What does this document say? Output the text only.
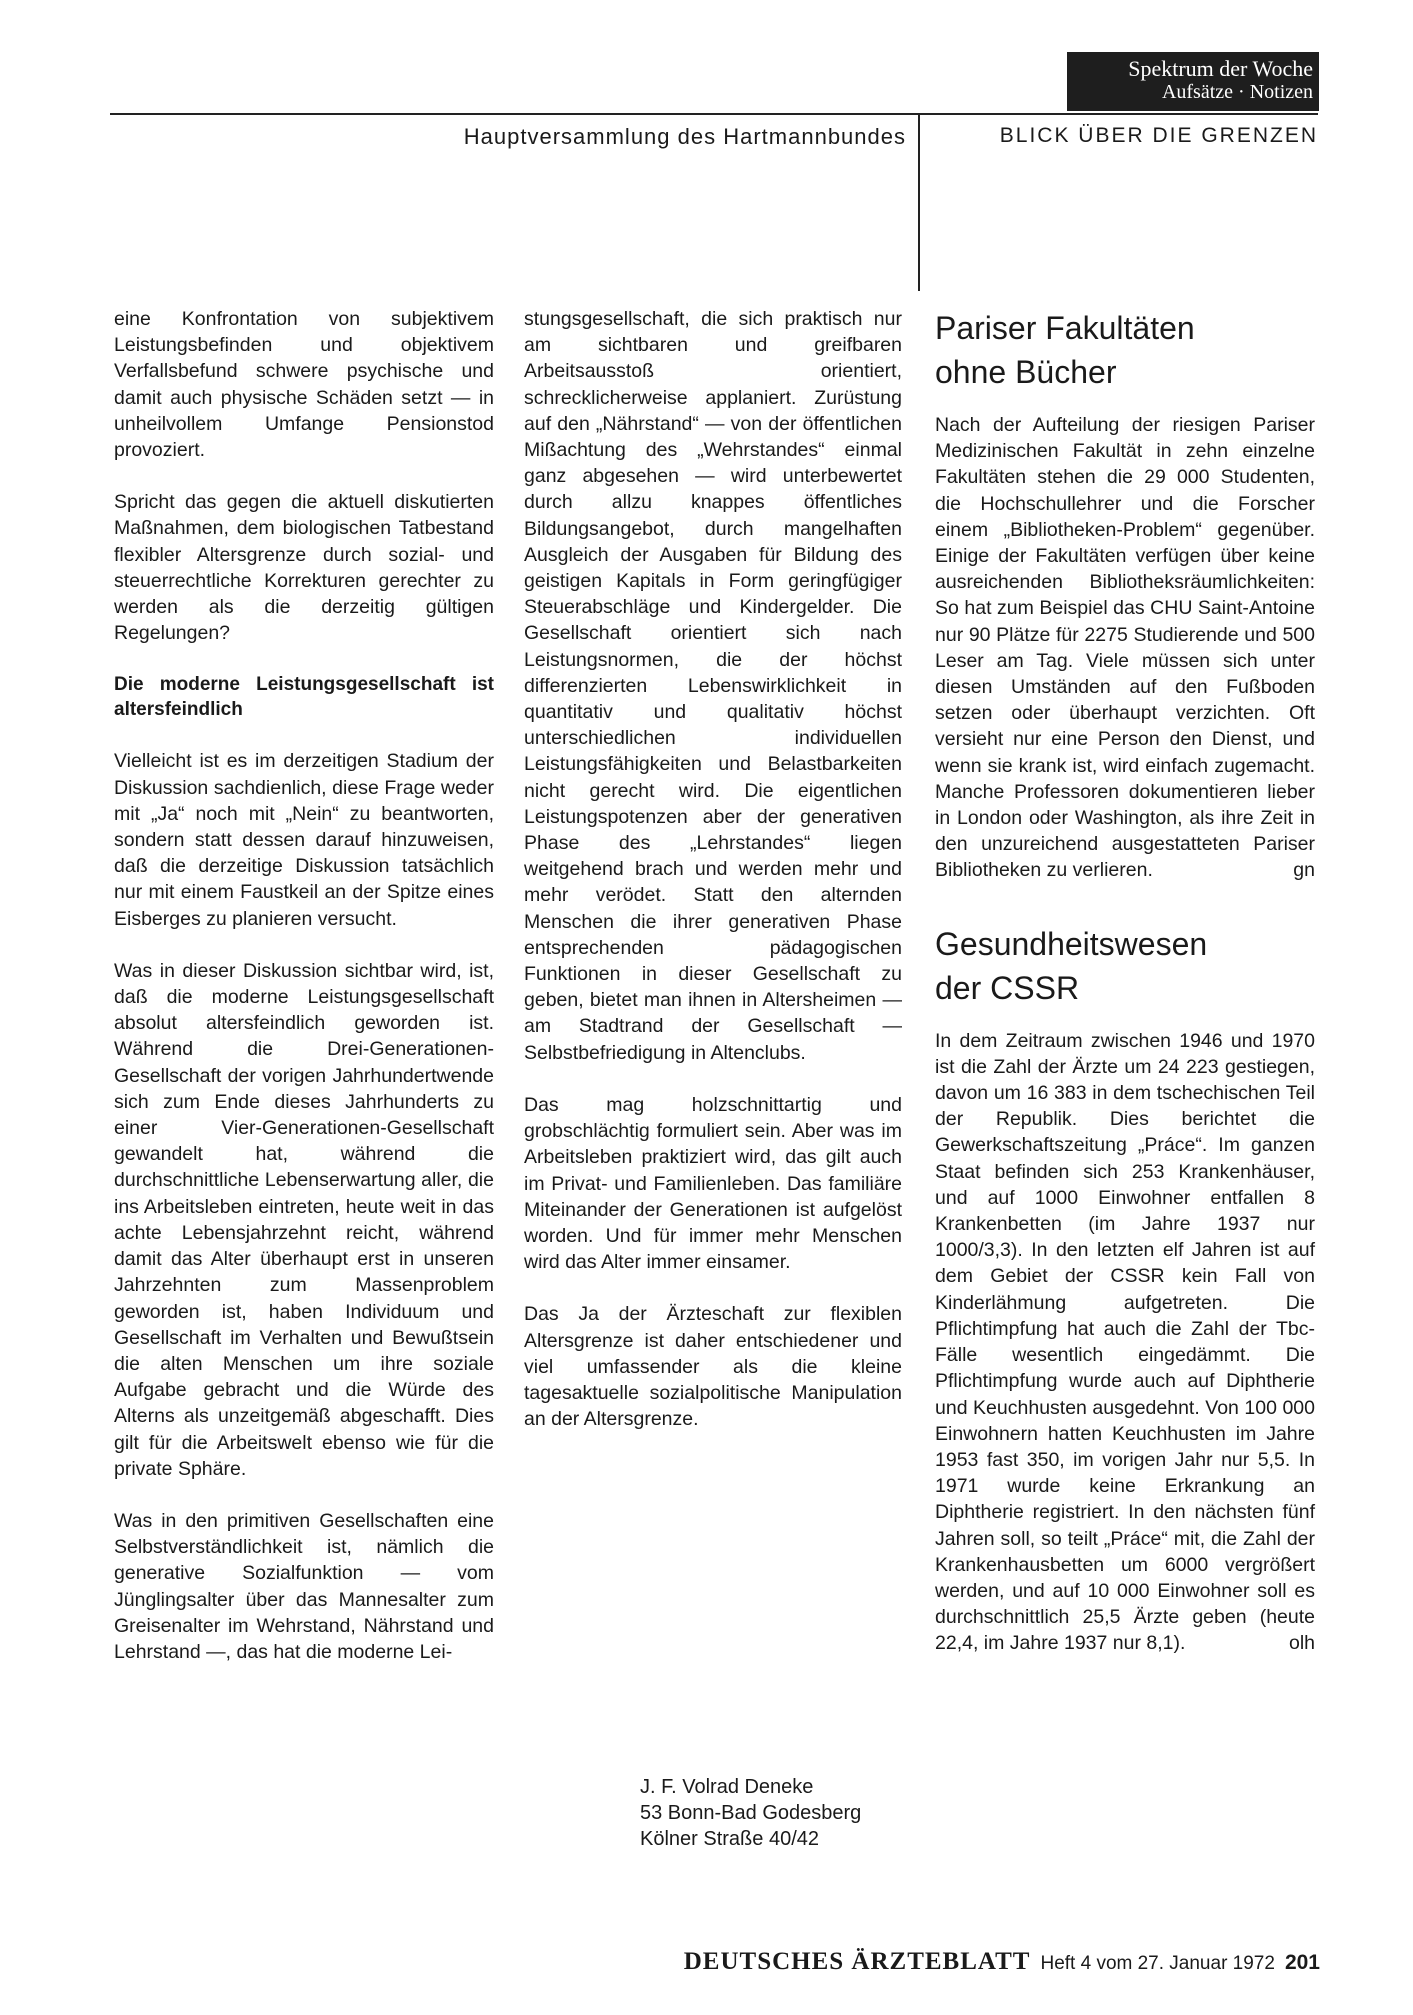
Spektrum der Woche
Aufsätze · Notizen
Hauptversammlung des Hartmannbundes	BLICK ÜBER DIE GRENZEN

eine Konfrontation von subjektivem Leistungsbefinden und objektivem Verfallsbefund schwere psychische und damit auch physische Schäden setzt — in unheilvollem Umfange Pensionstod provoziert.

Spricht das gegen die aktuell diskutierten Maßnahmen, dem biologischen Tatbestand flexibler Altersgrenze durch sozial- und steuerrechtliche Korrekturen gerechter zu werden als die derzeitig gültigen Regelungen?

Die moderne Leistungsgesellschaft ist altersfeindlich

Vielleicht ist es im derzeitigen Stadium der Diskussion sachdienlich, diese Frage weder mit „Ja“ noch mit „Nein“ zu beantworten, sondern statt dessen darauf hinzuweisen, daß die derzeitige Diskussion tatsächlich nur mit einem Faustkeil an der Spitze eines Eisberges zu planieren versucht.

Was in dieser Diskussion sichtbar wird, ist, daß die moderne Leistungsgesellschaft absolut altersfeindlich geworden ist. Während die Drei-Generationen-Gesellschaft der vorigen Jahrhundertwende sich zum Ende dieses Jahrhunderts zu einer Vier-Generationen-Gesellschaft gewandelt hat, während die durchschnittliche Lebenserwartung aller, die ins Arbeitsleben eintreten, heute weit in das achte Lebensjahrzehnt reicht, während damit das Alter überhaupt erst in unseren Jahrzehnten zum Massenproblem geworden ist, haben Individuum und Gesellschaft im Verhalten und Bewußtsein die alten Menschen um ihre soziale Aufgabe gebracht und die Würde des Alterns als unzeitgemäß abgeschafft. Dies gilt für die Arbeitswelt ebenso wie für die private Sphäre.

Was in den primitiven Gesellschaften eine Selbstverständlichkeit ist, nämlich die generative Sozialfunktion — vom Jünglingsalter über das Mannesalter zum Greisenalter im Wehrstand, Nährstand und Lehrstand —, das hat die moderne Lei-

stungsgesellschaft, die sich praktisch nur am sichtbaren und greifbaren Arbeitsausstoß orientiert, schrecklicherweise applaniert. Zurüstung auf den „Nährstand“ — von der öffentlichen Mißachtung des „Wehrstandes“ einmal ganz abgesehen — wird unterbewertet durch allzu knappes öffentliches Bildungsangebot, durch mangelhaften Ausgleich der Ausgaben für Bildung des geistigen Kapitals in Form geringfügiger Steuerabschläge und Kindergelder. Die Gesellschaft orientiert sich nach Leistungsnormen, die der höchst differenzierten Lebenswirklichkeit in quantitativ und qualitativ höchst unterschiedlichen individuellen Leistungsfähigkeiten und Belastbarkeiten nicht gerecht wird. Die eigentlichen Leistungspotenzen aber der generativen Phase des „Lehrstandes“ liegen weitgehend brach und werden mehr und mehr verödet. Statt den alternden Menschen die ihrer generativen Phase entsprechenden pädagogischen Funktionen in dieser Gesellschaft zu geben, bietet man ihnen in Altersheimen — am Stadtrand der Gesellschaft — Selbstbefriedigung in Altenclubs.

Das mag holzschnittartig und grobschlächtig formuliert sein. Aber was im Arbeitsleben praktiziert wird, das gilt auch im Privat- und Familienleben. Das familiäre Miteinander der Generationen ist aufgelöst worden. Und für immer mehr Menschen wird das Alter immer einsamer.

Das Ja der Ärzteschaft zur flexiblen Altersgrenze ist daher entschiedener und viel umfassender als die kleine tagesaktuelle sozialpolitische Manipulation an der Altersgrenze.

J. F. Volrad Deneke
53 Bonn-Bad Godesberg
Kölner Straße 40/42
Pariser Fakultäten
ohne Bücher

Nach der Aufteilung der riesigen Pariser Medizinischen Fakultät in zehn einzelne Fakultäten stehen die 29 000 Studenten, die Hochschullehrer und die Forscher einem „Bibliotheken-Problem“ gegenüber. Einige der Fakultäten verfügen über keine ausreichenden Bibliotheksräumlichkeiten: So hat zum Beispiel das CHU Saint-Antoine nur 90 Plätze für 2275 Studierende und 500 Leser am Tag. Viele müssen sich unter diesen Umständen auf den Fußboden setzen oder überhaupt verzichten. Oft versieht nur eine Person den Dienst, und wenn sie krank ist, wird einfach zugemacht. Manche Professoren dokumentieren lieber in London oder Washington, als ihre Zeit in den unzureichend ausgestatteten Pariser Bibliotheken zu verlieren.	gn

Gesundheitswesen
der CSSR

In dem Zeitraum zwischen 1946 und 1970 ist die Zahl der Ärzte um 24 223 gestiegen, davon um 16 383 in dem tschechischen Teil der Republik. Dies berichtet die Gewerkschaftszeitung „Práce“. Im ganzen Staat befinden sich 253 Krankenhäuser, und auf 1000 Einwohner entfallen 8 Krankenbetten (im Jahre 1937 nur 1000/3,3). In den letzten elf Jahren ist auf dem Gebiet der CSSR kein Fall von Kinderlähmung aufgetreten. Die Pflichtimpfung hat auch die Zahl der Tbc-Fälle wesentlich eingedämmt. Die Pflichtimpfung wurde auch auf Diphtherie und Keuchhusten ausgedehnt. Von 100 000 Einwohnern hatten Keuchhusten im Jahre 1953 fast 350, im vorigen Jahr nur 5,5. In 1971 wurde keine Erkrankung an Diphtherie registriert. In den nächsten fünf Jahren soll, so teilt „Práce“ mit, die Zahl der Krankenhausbetten um 6000 vergrößert werden, und auf 10 000 Einwohner soll es durchschnittlich 25,5 Ärzte geben (heute 22,4, im Jahre 1937 nur 8,1).	olh

DEUTSCHES ÄRZTEBLATT Heft 4 vom 27. Januar 1972 201
